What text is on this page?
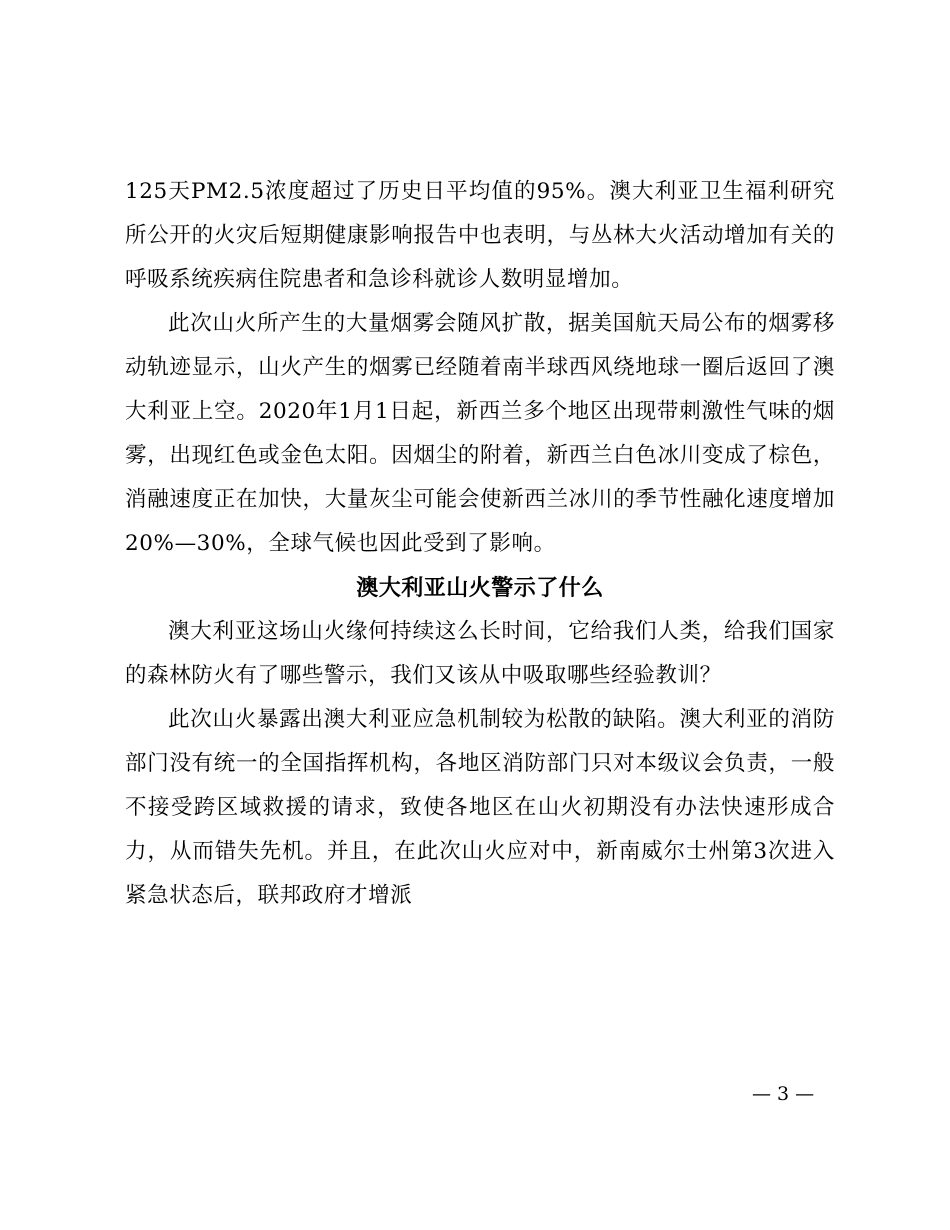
125天PM2.5浓度超过了历史日平均值的95%。澳大利亚卫生福利研究所公开的火灾后短期健康影响报告中也表明，与丛林大火活动增加有关的呼吸系统疾病住院患者和急诊科就诊人数明显增加。

此次山火所产生的大量烟雾会随风扩散，据美国航天局公布的烟雾移动轨迹显示，山火产生的烟雾已经随着南半球西风绕地球一圈后返回了澳大利亚上空。2020年1月1日起，新西兰多个地区出现带刺激性气味的烟雾，出现红色或金色太阳。因烟尘的附着，新西兰白色冰川变成了棕色，消融速度正在加快，大量灰尘可能会使新西兰冰川的季节性融化速度增加20%—30%，全球气候也因此受到了影响。

澳大利亚山火警示了什么

澳大利亚这场山火缘何持续这么长时间，它给我们人类，给我们国家的森林防火有了哪些警示，我们又该从中吸取哪些经验教训？

此次山火暴露出澳大利亚应急机制较为松散的缺陷。澳大利亚的消防部门没有统一的全国指挥机构，各地区消防部门只对本级议会负责，一般不接受跨区域救援的请求，致使各地区在山火初期没有办法快速形成合力，从而错失先机。并且，在此次山火应对中，新南威尔士州第3次进入紧急状态后，联邦政府才增派

— 3 —
